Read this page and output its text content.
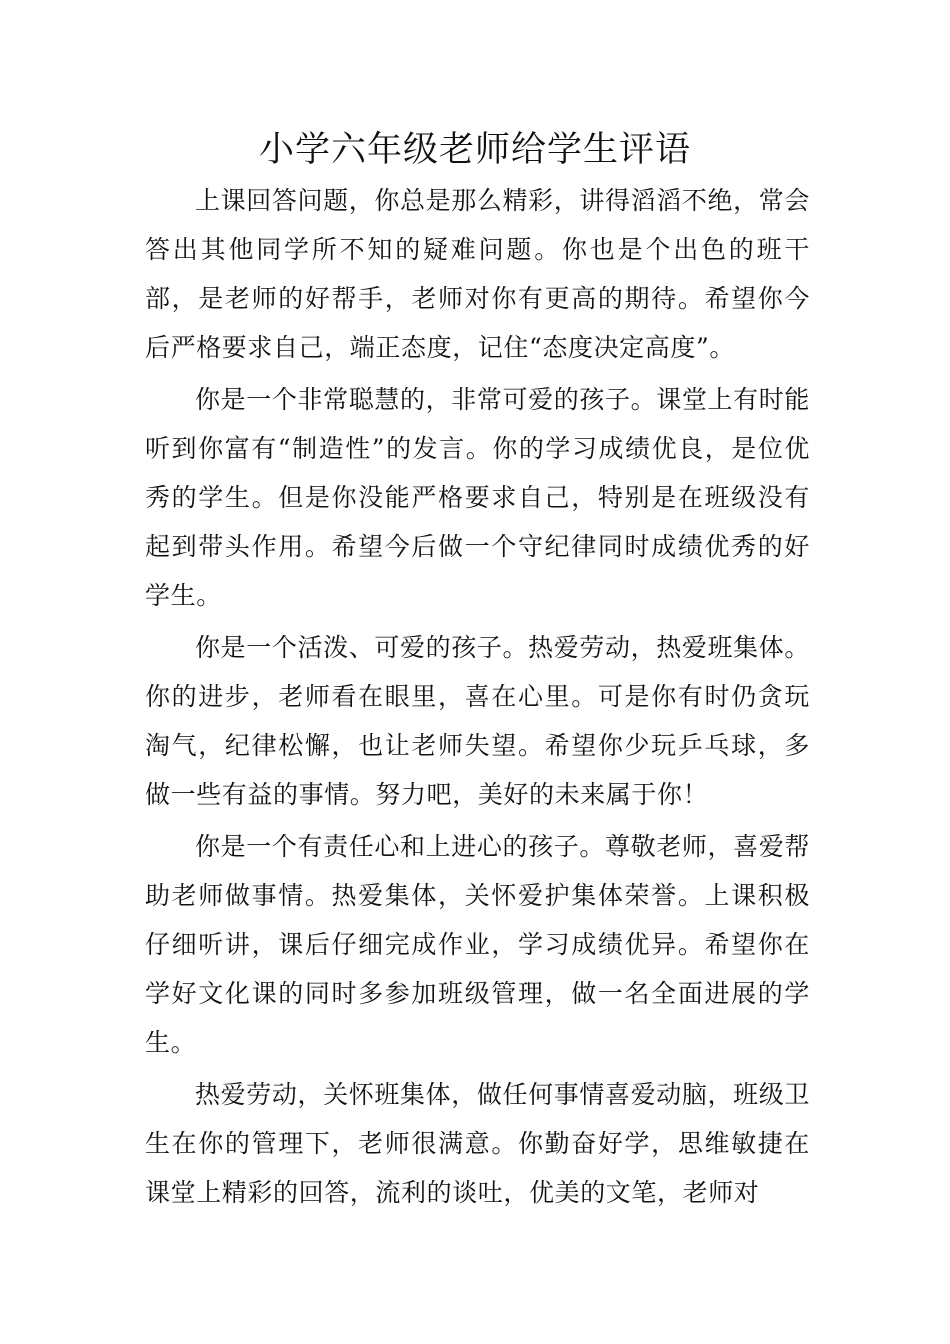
小学六年级老师给学生评语

上课回答问题，你总是那么精彩，讲得滔滔不绝，常会答出其他同学所不知的疑难问题。你也是个出色的班干部，是老师的好帮手，老师对你有更高的期待。希望你今后严格要求自己，端正态度，记住“态度决定高度”。

你是一个非常聪慧的，非常可爱的孩子。课堂上有时能听到你富有“制造性”的发言。你的学习成绩优良，是位优秀的学生。但是你没能严格要求自己，特别是在班级没有起到带头作用。希望今后做一个守纪律同时成绩优秀的好学生。

你是一个活泼、可爱的孩子。热爱劳动，热爱班集体。你的进步，老师看在眼里，喜在心里。可是你有时仍贪玩淘气，纪律松懈，也让老师失望。希望你少玩乒乓球，多做一些有益的事情。努力吧，美好的未来属于你！

你是一个有责任心和上进心的孩子。尊敬老师，喜爱帮助老师做事情。热爱集体，关怀爱护集体荣誉。上课积极仔细听讲，课后仔细完成作业，学习成绩优异。希望你在学好文化课的同时多参加班级管理，做一名全面进展的学生。

热爱劳动，关怀班集体，做任何事情喜爱动脑，班级卫生在你的管理下，老师很满意。你勤奋好学，思维敏捷在课堂上精彩的回答，流利的谈吐，优美的文笔，老师对
